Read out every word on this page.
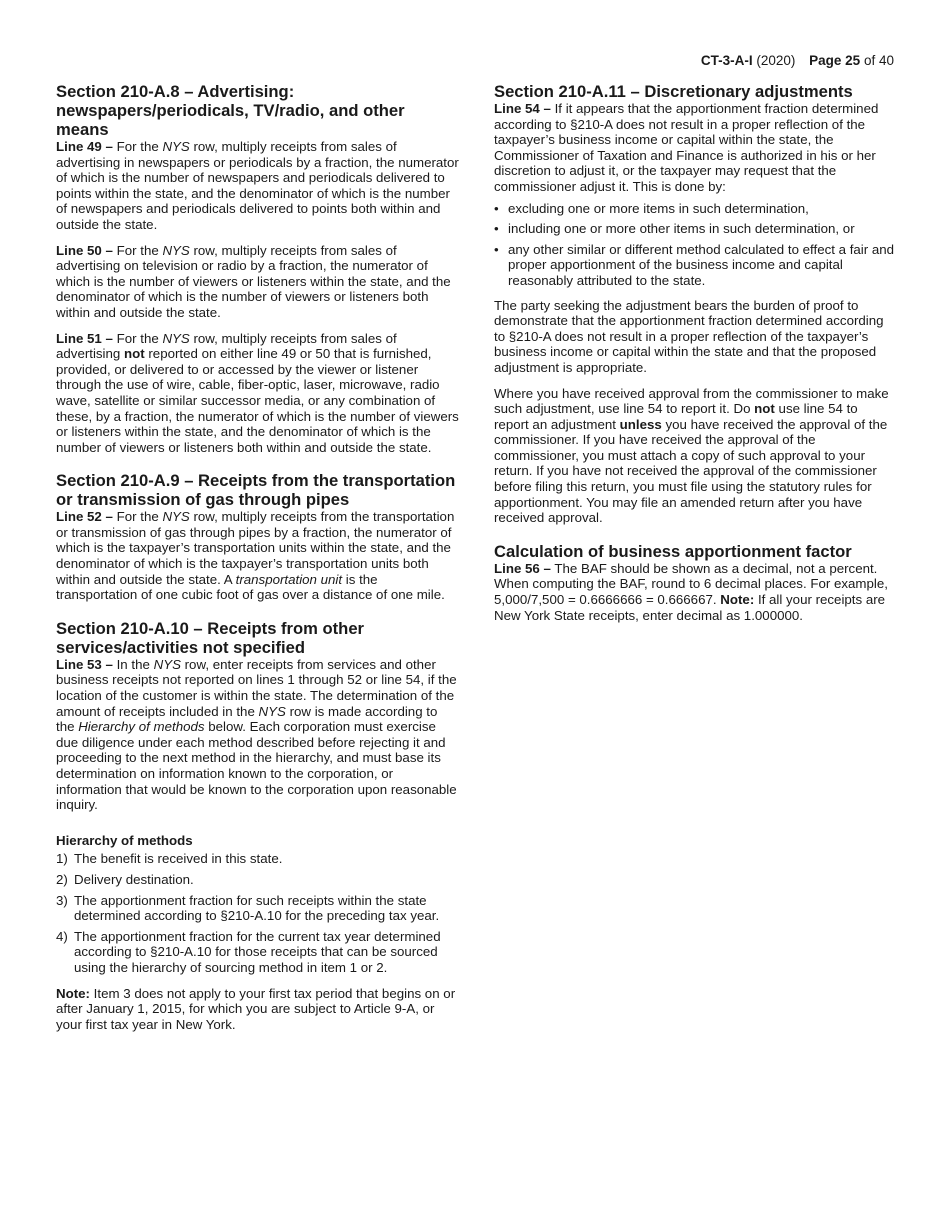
CT-3-A-I (2020) Page 25 of 40
Section 210-A.8 – Advertising: newspapers/periodicals, TV/radio, and other means

Line 49 – For the NYS row, multiply receipts from sales of advertising in newspapers or periodicals by a fraction, the numerator of which is the number of newspapers and periodicals delivered to points within the state, and the denominator of which is the number of newspapers and periodicals delivered to points both within and outside the state.

Line 50 – For the NYS row, multiply receipts from sales of advertising on television or radio by a fraction, the numerator of which is the number of viewers or listeners within the state, and the denominator of which is the number of viewers or listeners both within and outside the state.

Line 51 – For the NYS row, multiply receipts from sales of advertising not reported on either line 49 or 50 that is furnished, provided, or delivered to or accessed by the viewer or listener through the use of wire, cable, fiber-optic, laser, microwave, radio wave, satellite or similar successor media, or any combination of these, by a fraction, the numerator of which is the number of viewers or listeners within the state, and the denominator of which is the number of viewers or listeners both within and outside the state.

Section 210-A.9 – Receipts from the transportation or transmission of gas through pipes

Line 52 – For the NYS row, multiply receipts from the transportation or transmission of gas through pipes by a fraction, the numerator of which is the taxpayer’s transportation units within the state, and the denominator of which is the taxpayer’s transportation units both within and outside the state. A transportation unit is the transportation of one cubic foot of gas over a distance of one mile.

Section 210-A.10 – Receipts from other services/activities not specified

Line 53 – In the NYS row, enter receipts from services and other business receipts not reported on lines 1 through 52 or line 54, if the location of the customer is within the state. The determination of the amount of receipts included in the NYS row is made according to the Hierarchy of methods below. Each corporation must exercise due diligence under each method described before rejecting it and proceeding to the next method in the hierarchy, and must base its determination on information known to the corporation, or information that would be known to the corporation upon reasonable inquiry.

Hierarchy of methods
1) The benefit is received in this state.
2) Delivery destination.
3) The apportionment fraction for such receipts within the state determined according to §210-A.10 for the preceding tax year.
4) The apportionment fraction for the current tax year determined according to §210-A.10 for those receipts that can be sourced using the hierarchy of sourcing method in item 1 or 2.

Note: Item 3 does not apply to your first tax period that begins on or after January 1, 2015, for which you are subject to Article 9-A, or your first tax year in New York.

Section 210-A.11 – Discretionary adjustments

Line 54 – If it appears that the apportionment fraction determined according to §210-A does not result in a proper reflection of the taxpayer’s business income or capital within the state, the Commissioner of Taxation and Finance is authorized in his or her discretion to adjust it, or the taxpayer may request that the commissioner adjust it. This is done by:

• excluding one or more items in such determination,
• including one or more other items in such determination, or
• any other similar or different method calculated to effect a fair and proper apportionment of the business income and capital reasonably attributed to the state.

The party seeking the adjustment bears the burden of proof to demonstrate that the apportionment fraction determined according to §210-A does not result in a proper reflection of the taxpayer’s business income or capital within the state and that the proposed adjustment is appropriate.

Where you have received approval from the commissioner to make such adjustment, use line 54 to report it. Do not use line 54 to report an adjustment unless you have received the approval of the commissioner. If you have received the approval of the commissioner, you must attach a copy of such approval to your return. If you have not received the approval of the commissioner before filing this return, you must file using the statutory rules for apportionment. You may file an amended return after you have received approval.

Calculation of business apportionment factor

Line 56 – The BAF should be shown as a decimal, not a percent. When computing the BAF, round to 6 decimal places. For example, 5,000/7,500 = 0.6666666 = 0.666667. Note: If all your receipts are New York State receipts, enter decimal as 1.000000.
